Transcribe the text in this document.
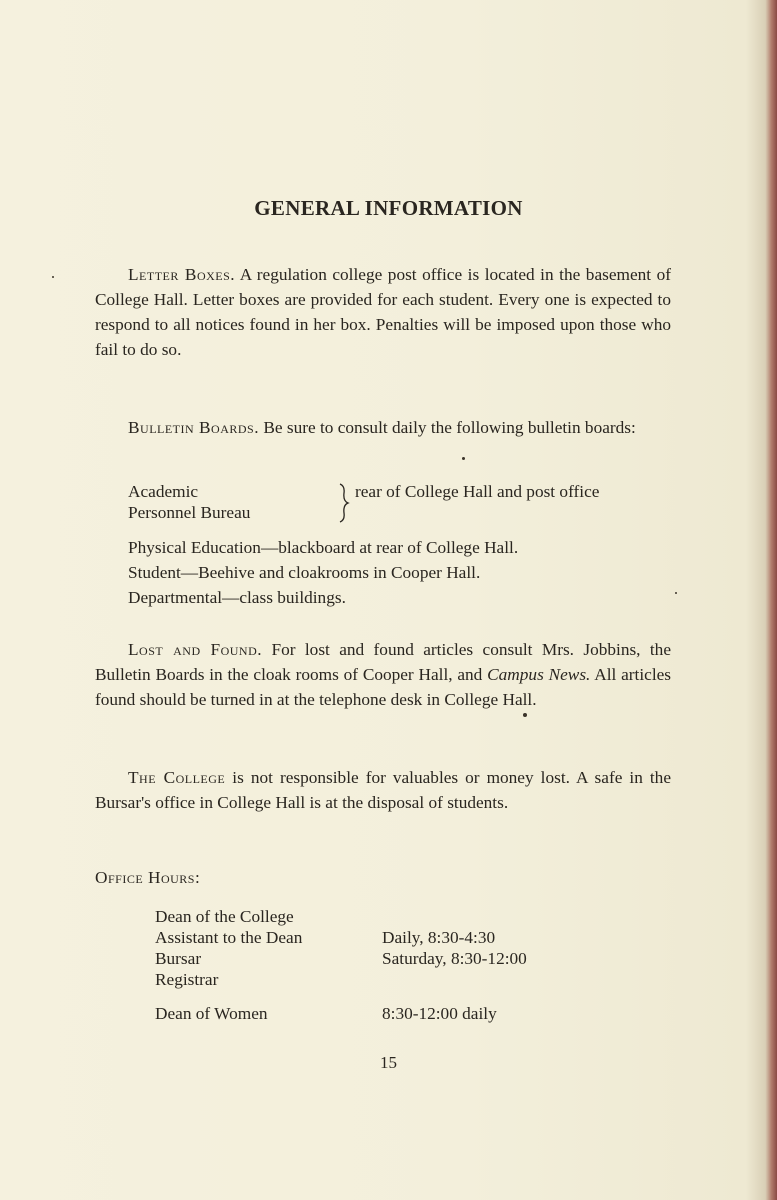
GENERAL INFORMATION

Letter Boxes. A regulation college post office is located in the basement of College Hall. Letter boxes are provided for each student. Every one is expected to respond to all notices found in her box. Penalties will be imposed upon those who fail to do so.

Bulletin Boards. Be sure to consult daily the following bulletin boards:

Academic
Personnel Bureau
rear of College Hall and post office
Physical Education—blackboard at rear of College Hall.
Student—Beehive and cloakrooms in Cooper Hall.
Departmental—class buildings.

Lost and Found. For lost and found articles consult Mrs. Jobbins, the Bulletin Boards in the cloak rooms of Cooper Hall, and Campus News. All articles found should be turned in at the telephone desk in College Hall.

The College is not responsible for valuables or money lost. A safe in the Bursar's office in College Hall is at the disposal of students.

Office Hours:

Dean of the College
Assistant to the Dean
Bursar
Registrar
Daily, 8:30-4:30
Saturday, 8:30-12:00
Dean of Women	8:30-12:00 daily
15
